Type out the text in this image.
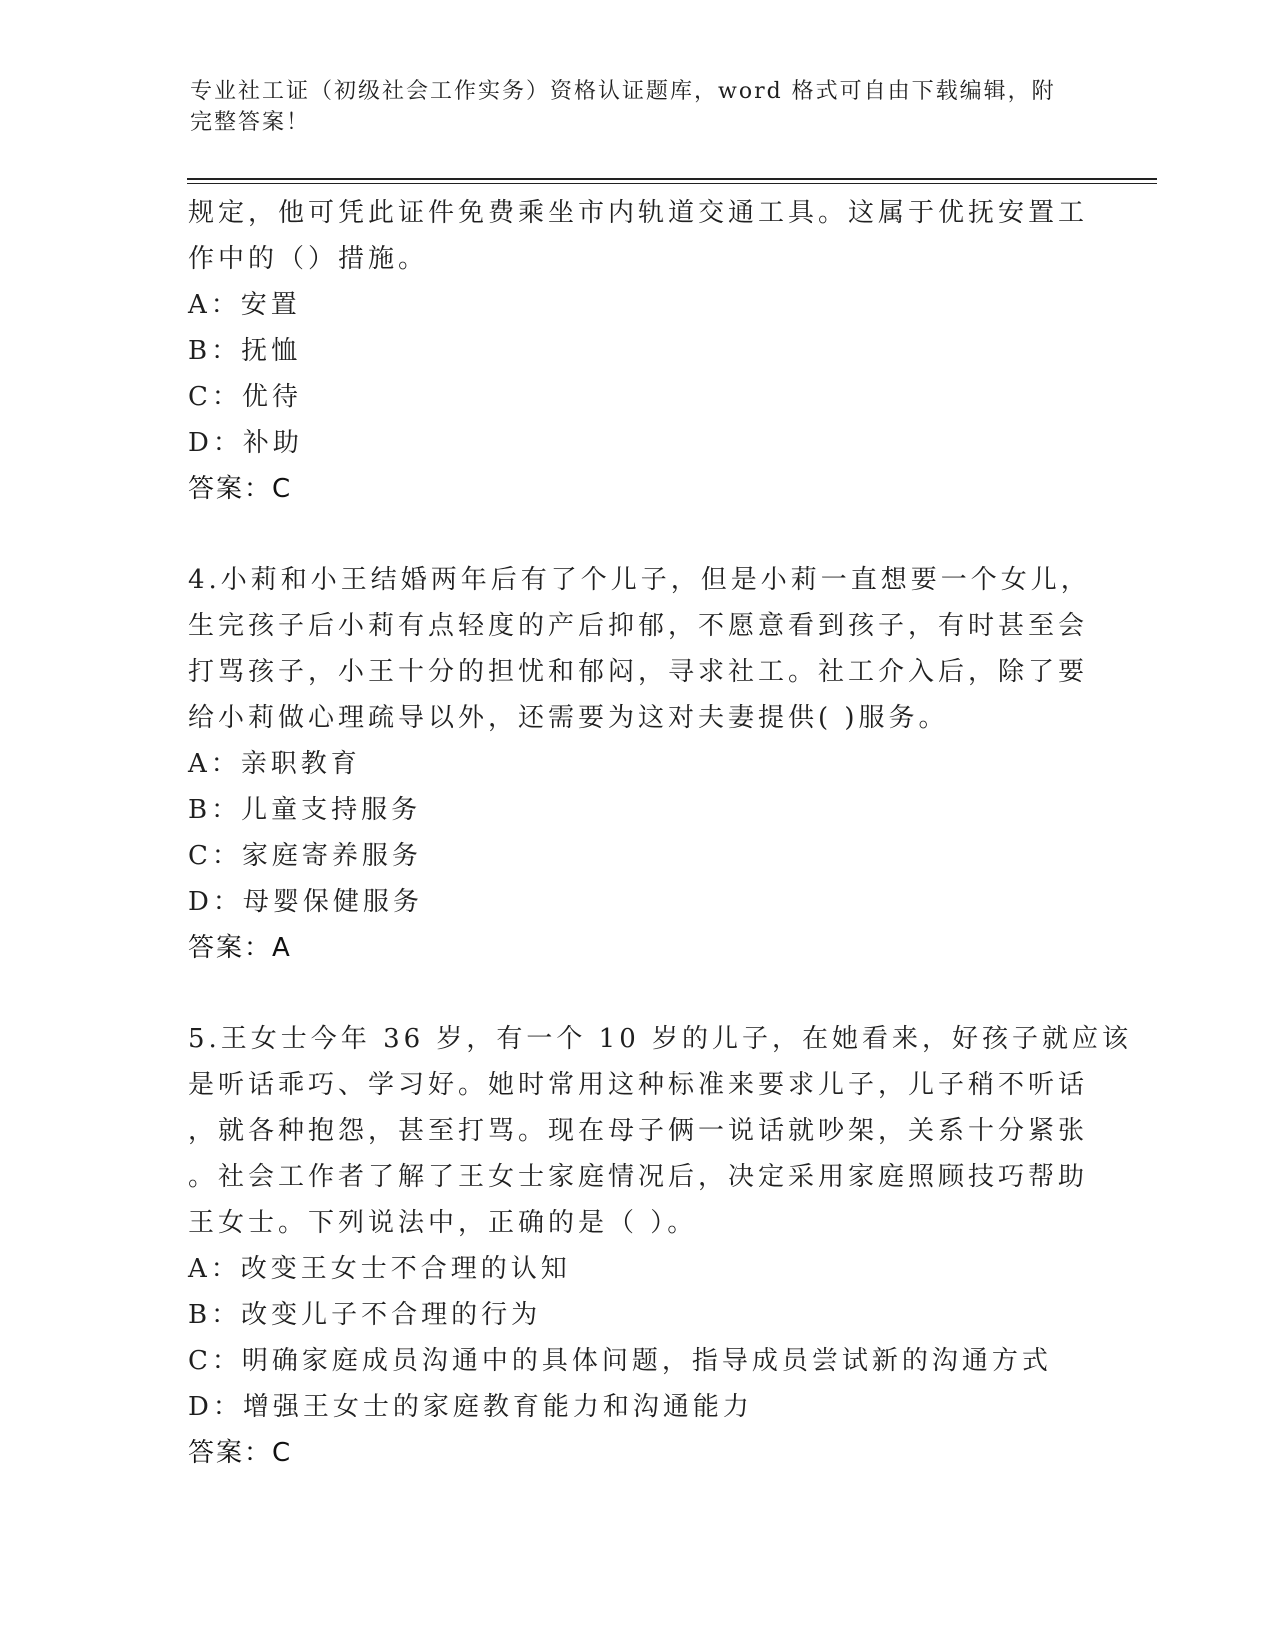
专业社工证（初级社会工作实务）资格认证题库，word 格式可自由下载编辑，附
完整答案！
规定，他可凭此证件免费乘坐市内轨道交通工具。这属于优抚安置工
作中的（）措施。
A：安置
B：抚恤
C：优待
D：补助
答案：C
4.小莉和小王结婚两年后有了个儿子，但是小莉一直想要一个女儿，
生完孩子后小莉有点轻度的产后抑郁，不愿意看到孩子，有时甚至会
打骂孩子，小王十分的担忧和郁闷，寻求社工。社工介入后，除了要
给小莉做心理疏导以外，还需要为这对夫妻提供( )服务。
A：亲职教育
B：儿童支持服务
C：家庭寄养服务
D：母婴保健服务
答案：A
5.王女士今年 36 岁，有一个 10 岁的儿子，在她看来，好孩子就应该
是听话乖巧、学习好。她时常用这种标准来要求儿子，儿子稍不听话
，就各种抱怨，甚至打骂。现在母子俩一说话就吵架，关系十分紧张
。社会工作者了解了王女士家庭情况后，决定采用家庭照顾技巧帮助
王女士。下列说法中，正确的是（ ）。
A：改变王女士不合理的认知
B：改变儿子不合理的行为
C：明确家庭成员沟通中的具体问题，指导成员尝试新的沟通方式
D：增强王女士的家庭教育能力和沟通能力
答案：C
